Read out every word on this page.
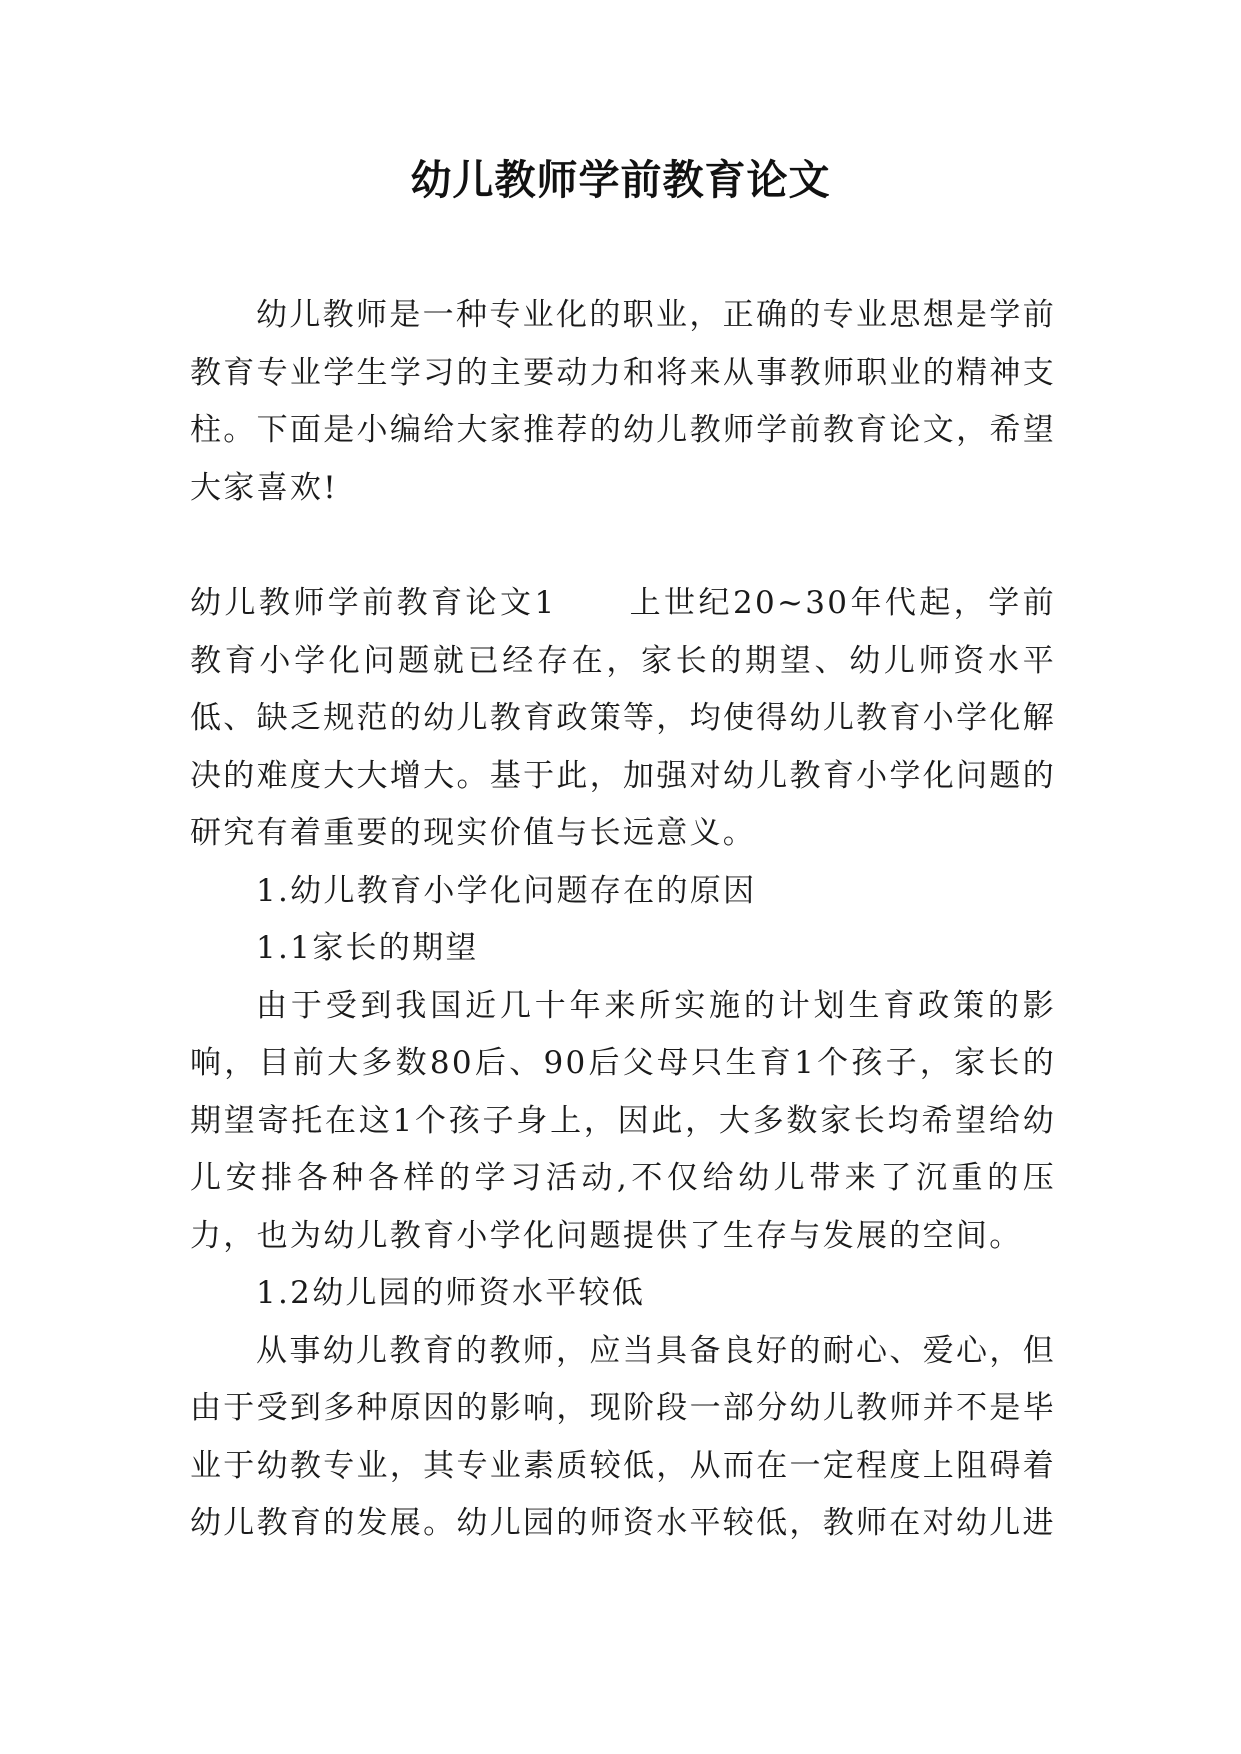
幼儿教师学前教育论文

幼儿教师是一种专业化的职业，正确的专业思想是学前教育专业学生学习的主要动力和将来从事教师职业的精神支柱。下面是小编给大家推荐的幼儿教师学前教育论文，希望大家喜欢!

幼儿教师学前教育论文1 上世纪20~30年代起，学前教育小学化问题就已经存在，家长的期望、幼儿师资水平低、缺乏规范的幼儿教育政策等，均使得幼儿教育小学化解决的难度大大增大。基于此，加强对幼儿教育小学化问题的研究有着重要的现实价值与长远意义。

1.幼儿教育小学化问题存在的原因

1.1家长的期望

由于受到我国近几十年来所实施的计划生育政策的影响，目前大多数80后、90后父母只生育1个孩子，家长的期望寄托在这1个孩子身上，因此，大多数家长均希望给幼儿安排各种各样的学习活动,不仅给幼儿带来了沉重的压力，也为幼儿教育小学化问题提供了生存与发展的空间。

1.2幼儿园的师资水平较低

从事幼儿教育的教师，应当具备良好的耐心、爱心，但由于受到多种原因的影响，现阶段一部分幼儿教师并不是毕业于幼教专业，其专业素质较低，从而在一定程度上阻碍着幼儿教育的发展。幼儿园的师资水平较低，教师在对幼儿进
